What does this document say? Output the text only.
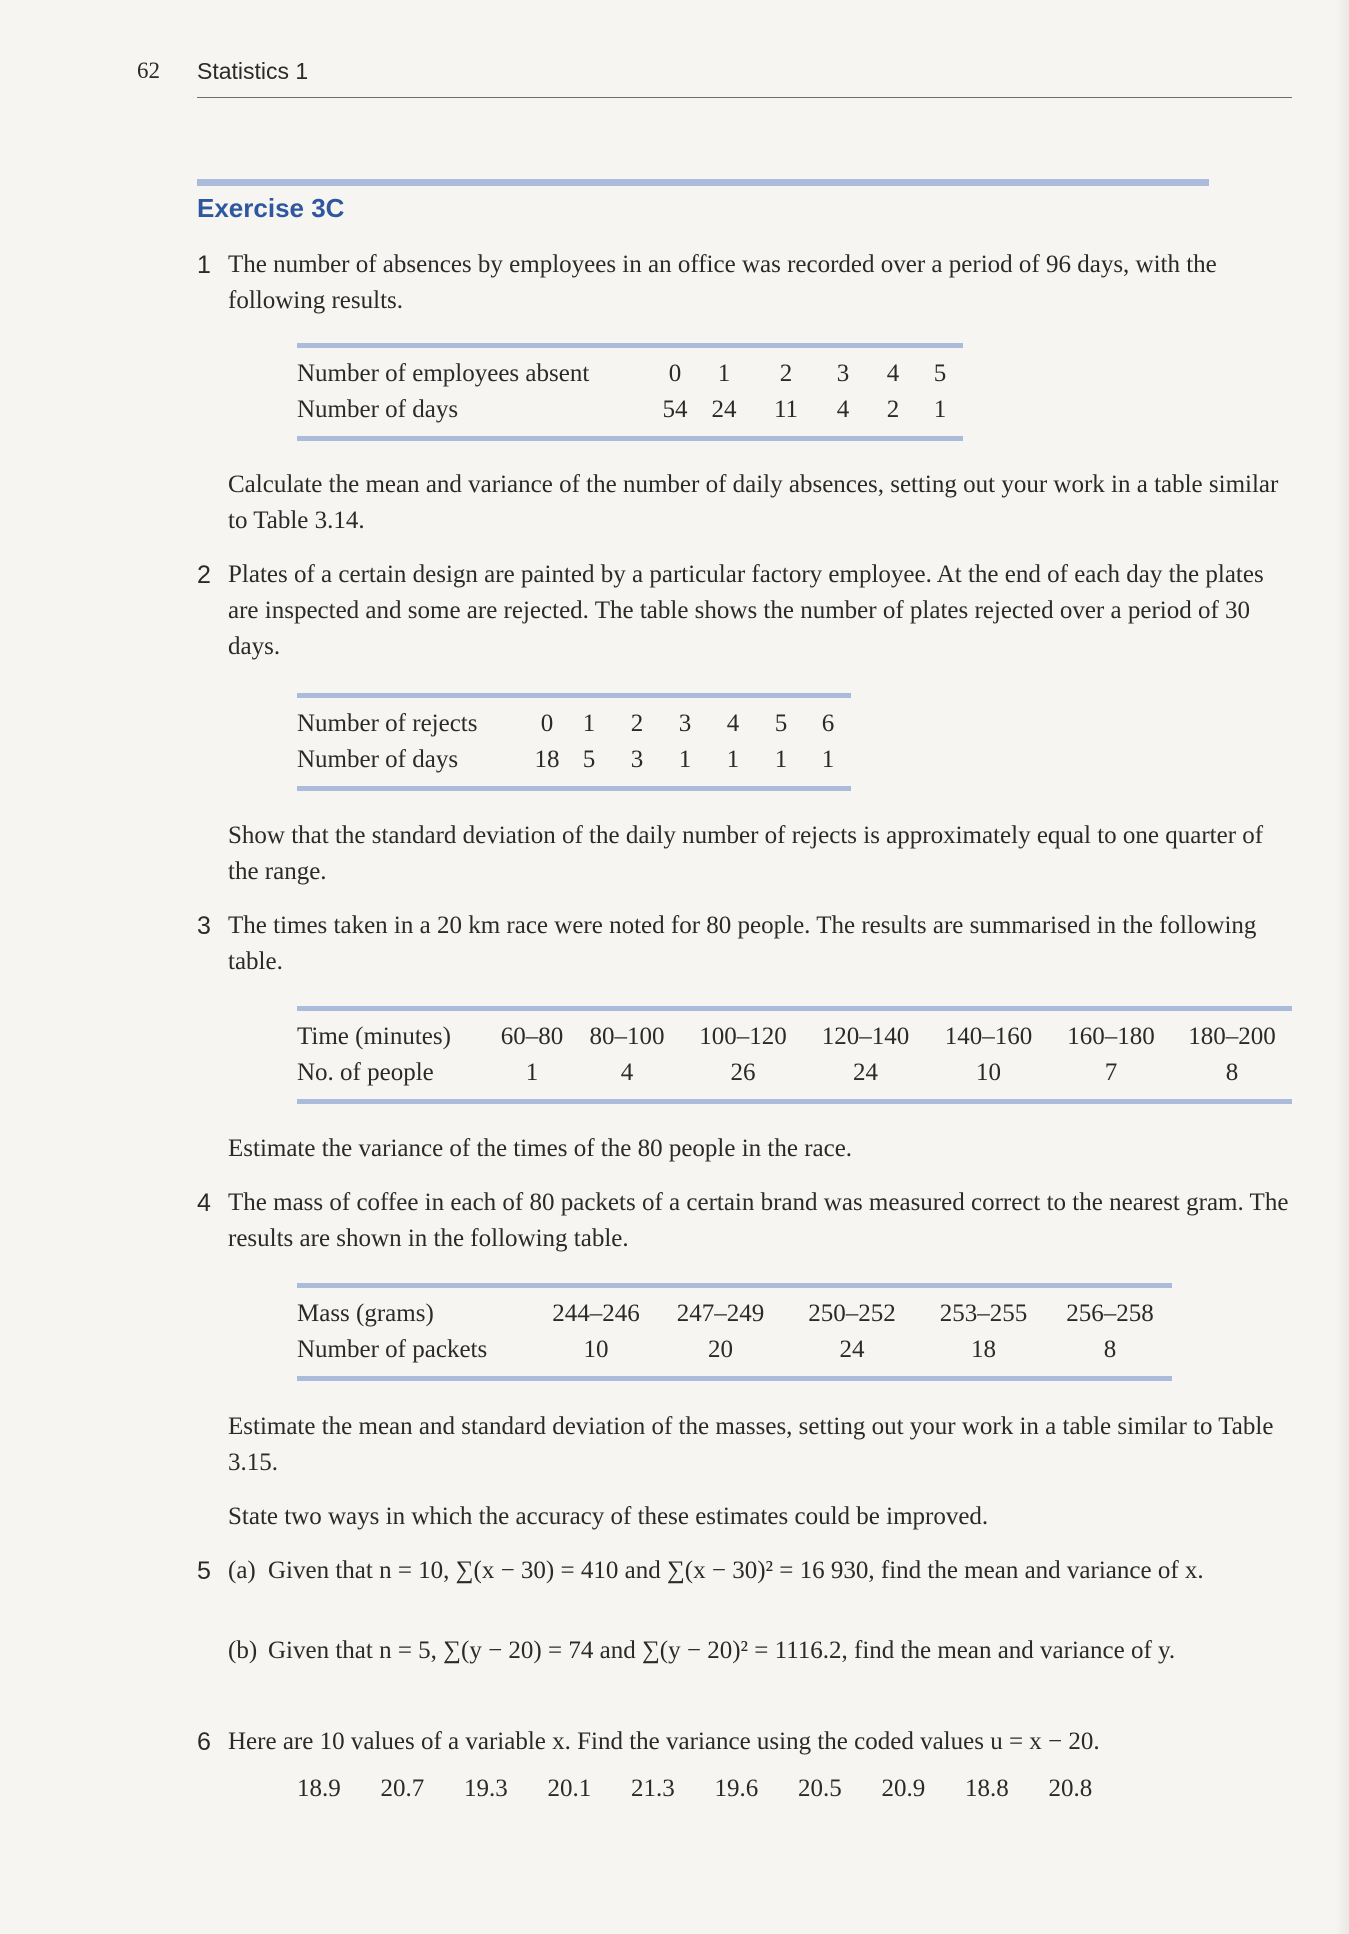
62 Statistics 1
Exercise 3C
1 The number of absences by employees in an office was recorded over a period of 96 days, with the following results.
Number of employees absent	0	1	2	3	4	5
Number of days	54	24	11	4	2	1
Calculate the mean and variance of the number of daily absences, setting out your work in a table similar to Table 3.14.
2 Plates of a certain design are painted by a particular factory employee. At the end of each day the plates are inspected and some are rejected. The table shows the number of plates rejected over a period of 30 days.
Number of rejects	0	1	2	3	4	5	6
Number of days	18	5	3	1	1	1	1
Show that the standard deviation of the daily number of rejects is approximately equal to one quarter of the range.
3 The times taken in a 20 km race were noted for 80 people. The results are summarised in the following table.
Time (minutes)	60–80	80–100	100–120	120–140	140–160	160–180	180–200
No. of people	1	4	26	24	10	7	8
Estimate the variance of the times of the 80 people in the race.
4 The mass of coffee in each of 80 packets of a certain brand was measured correct to the nearest gram. The results are shown in the following table.
Mass (grams)	244–246	247–249	250–252	253–255	256–258
Number of packets	10	20	24	18	8
Estimate the mean and standard deviation of the masses, setting out your work in a table similar to Table 3.15.
State two ways in which the accuracy of these estimates could be improved.
5 (a) Given that n = 10, ∑(x − 30) = 410 and ∑(x − 30)² = 16 930, find the mean and variance of x.
(b) Given that n = 5, ∑(y − 20) = 74 and ∑(y − 20)² = 1116.2, find the mean and variance of y.
6 Here are 10 values of a variable x. Find the variance using the coded values u = x − 20.
18.9	20.7	19.3	20.1	21.3	19.6	20.5	20.9	18.8	20.8
